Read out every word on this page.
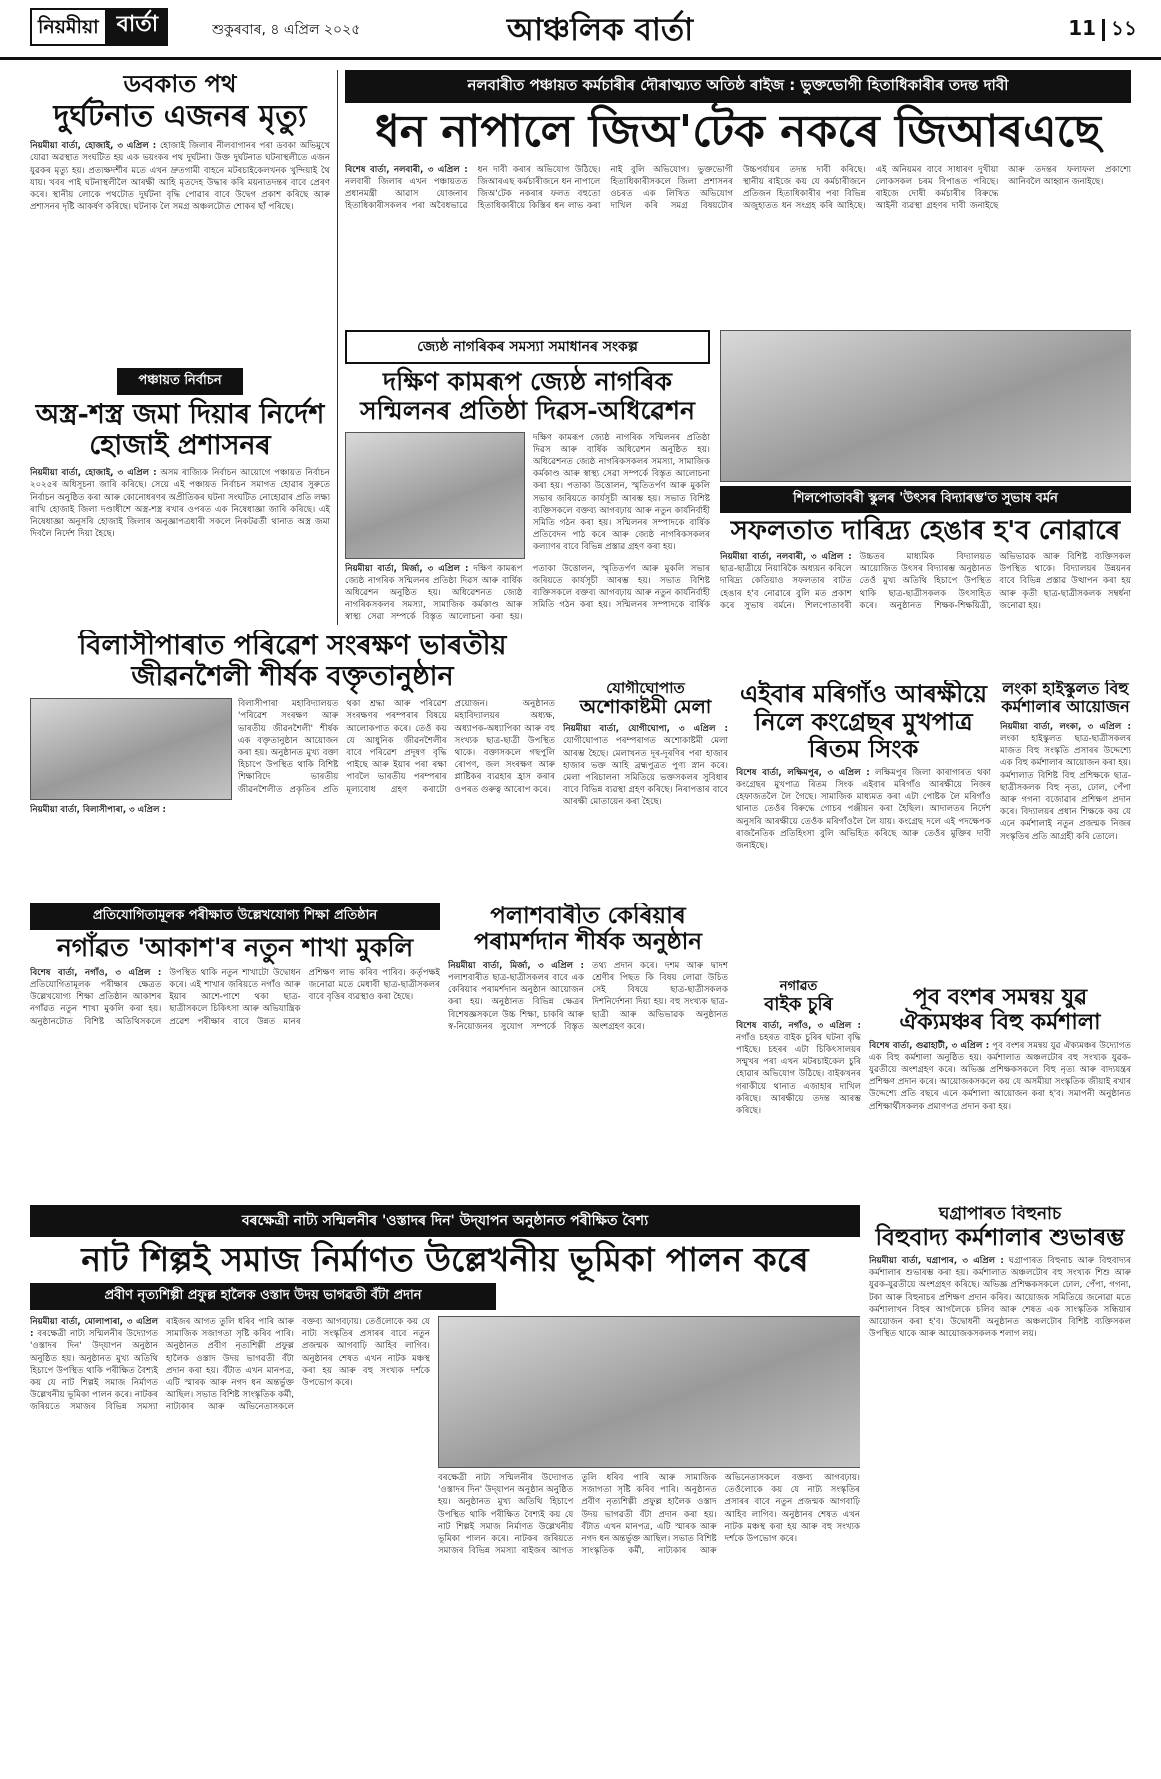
নিয়মীয়া বার্তা	শুকুৰবাৰ, ৪ এপ্ৰিল ২০২৫	আঞ্চলিক বাৰ্তা	11 ১১
ডবকাত পথ
দুৰ্ঘটনাত এজনৰ মৃত্যু
নিয়মীয়া বাৰ্তা, হোজাই, ৩ এপ্ৰিল : হোজাই জিলাৰ নীলবাগানৰ পৰা ডবকা অভিমুখে যোৱা অৱস্থাত সংঘটিত হয় এক ভয়ংকৰ পথ দুৰ্ঘটনা। উক্ত দুৰ্ঘটনাত ঘটনাস্থলীতে এজন যুৱকৰ মৃত্যু হয়। প্ৰত্যক্ষদৰ্শীৰ মতে এখন দ্ৰুতগামী বাহনে মটৰচাইকেলখনক খুন্দিয়াই থৈ যায়। খবৰ পাই ঘটনাস্থলীলৈ আৰক্ষী আহি মৃতদেহ উদ্ধাৰ কৰি ময়নাতদন্তৰ বাবে প্ৰেৰণ কৰে। স্থানীয় লোকে পথটোত দুৰ্ঘটনা বৃদ্ধি পোৱাৰ বাবে উদ্বেগ প্ৰকাশ কৰিছে আৰু প্ৰশাসনৰ দৃষ্টি আকৰ্ষণ কৰিছে। ঘটনাক লৈ সমগ্ৰ অঞ্চলটোত শোকৰ ছাঁ পৰিছে।
পঞ্চায়ত নিৰ্বাচন
অস্ত্ৰ-শস্ত্ৰ জমা দিয়াৰ নিৰ্দেশ হোজাই প্ৰশাসনৰ
নিয়মীয়া বাৰ্তা, হোজাই, ৩ এপ্ৰিল : অসম ৰাজ্যিক নিৰ্বাচন আয়োগে পঞ্চায়ত নিৰ্বাচন ২০২৫ৰ অধিসূচনা জাৰি কৰিছে। সেয়ে এই পঞ্চায়ত নিৰ্বাচন সমাগত হোৱাৰ সুৰুতে নিৰ্বাচন অনুষ্ঠিত কৰা আৰু কোনোধৰণৰ অপ্ৰীতিকৰ ঘটনা সংঘটিত নোহোৱাৰ প্ৰতি লক্ষ্য ৰাখি হোজাই জিলা দণ্ডাধীশে অস্ত্ৰ-শস্ত্ৰ ৰখাৰ ওপৰত এক নিষেধাজ্ঞা জাৰি কৰিছে। এই নিষেধাজ্ঞা অনুসৰি হোজাই জিলাৰ অনুজ্ঞাপত্ৰধাৰী সকলে নিকটৱৰ্তী থানাত অস্ত্ৰ জমা দিবলৈ নিৰ্দেশ দিয়া হৈছে।
নলবাৰীত পঞ্চায়ত কৰ্মচাৰীৰ দৌৰাত্ম্যত অতিষ্ঠ ৰাইজ : ভুক্তভোগী হিতাধিকাৰীৰ তদন্ত দাবী
ধন নাপালে জিঅ'টেক নকৰে জিআৰএছে
বিশেষ বাৰ্তা, নলবাৰী, ৩ এপ্ৰিল : নলবাৰী জিলাৰ এখন পঞ্চায়তত প্ৰধানমন্ত্ৰী আৱাস যোজনাৰ হিতাধিকাৰীসকলৰ পৰা অবৈধভাৱে ধন দাবী কৰাৰ অভিযোগ উঠিছে। জিআৰএছ কৰ্মচাৰীজনে ধন নাপালে জিঅ'টেক নকৰাৰ ফলত বহুতো হিতাধিকাৰীয়ে কিস্তিৰ ধন লাভ কৰা নাই বুলি অভিযোগ। ভুক্তভোগী হিতাধিকাৰীসকলে জিলা প্ৰশাসনৰ ওচৰত এক লিখিত অভিযোগ দাখিল কৰি সমগ্ৰ বিষয়টোৰ উচ্চপৰ্যায়ৰ তদন্ত দাবী কৰিছে। স্থানীয় ৰাইজে কয় যে কৰ্মচাৰীজনে প্ৰতিজন হিতাধিকাৰীৰ পৰা বিভিন্ন অজুহাতত ধন সংগ্ৰহ কৰি আহিছে। এই অনিয়মৰ বাবে সাধাৰণ দুখীয়া লোকসকল চৰম বিপাঙত পৰিছে। ৰাইজে দোষী কৰ্মচাৰীৰ বিৰুদ্ধে আইনী ব্যৱস্থা গ্ৰহণৰ দাবী জনাইছে আৰু তদন্তৰ ফলাফল প্ৰকাশ্যে আনিবলৈ আহ্বান জনাইছে।
জ্যেষ্ঠ নাগৰিকৰ সমস্যা সমাধানৰ সংকল্প
দক্ষিণ কামৰূপ জ্যেষ্ঠ নাগৰিক সন্মিলনৰ প্ৰতিষ্ঠা দিৱস-অধিৱেশন
দক্ষিণ কামৰূপ জ্যেষ্ঠ নাগৰিক সন্মিলনৰ প্ৰতিষ্ঠা দিৱস আৰু বাৰ্ষিক অধিৱেশন অনুষ্ঠিত হয়। অধিৱেশনত জ্যেষ্ঠ নাগৰিকসকলৰ সমস্যা, সামাজিক কৰ্মকাণ্ড আৰু স্বাস্থ্য সেৱা সম্পৰ্কে বিস্তৃত আলোচনা কৰা হয়। পতাকা উত্তোলন, স্মৃতিতৰ্পণ আৰু মুকলি সভাৰ জৰিয়তে কাৰ্যসূচী আৰম্ভ হয়। সভাত বিশিষ্ট ব্যক্তিসকলে বক্তব্য আগবঢ়ায় আৰু নতুন কাৰ্যনিৰ্বাহী সমিতি গঠন কৰা হয়। সন্মিলনৰ সম্পাদকে বাৰ্ষিক প্ৰতিবেদন পাঠ কৰে আৰু জ্যেষ্ঠ নাগৰিকসকলৰ কল্যাণৰ বাবে বিভিন্ন প্ৰস্তাৱ গ্ৰহণ কৰা হয়।
নিয়মীয়া বাৰ্তা, মিৰ্জা, ৩ এপ্ৰিল : দক্ষিণ কামৰূপ জ্যেষ্ঠ নাগৰিক সন্মিলনৰ প্ৰতিষ্ঠা দিৱস আৰু বাৰ্ষিক অধিৱেশন অনুষ্ঠিত হয়। অধিৱেশনত জ্যেষ্ঠ নাগৰিকসকলৰ সমস্যা, সামাজিক কৰ্মকাণ্ড আৰু স্বাস্থ্য সেৱা সম্পৰ্কে বিস্তৃত আলোচনা কৰা হয়। পতাকা উত্তোলন, স্মৃতিতৰ্পণ আৰু মুকলি সভাৰ জৰিয়তে কাৰ্যসূচী আৰম্ভ হয়। সভাত বিশিষ্ট ব্যক্তিসকলে বক্তব্য আগবঢ়ায় আৰু নতুন কাৰ্যনিৰ্বাহী সমিতি গঠন কৰা হয়। সন্মিলনৰ সম্পাদকে বাৰ্ষিক
শিলপোতাবৰী স্কুলৰ 'উৎসৰ বিদ্যাৰম্ভ'ত সুভাষ বৰ্মন
সফলতাত দাৰিদ্ৰ্য হেঙাৰ হ'ব নোৱাৰে
নিয়মীয়া বাৰ্তা, নলবাৰী, ৩ এপ্ৰিল : ছাত্ৰ-ছাত্ৰীয়ে নিয়াৰিকৈ অধ্যয়ন কৰিলে দাৰিদ্ৰ্য কেতিয়াও সফলতাৰ বাটত হেঙাৰ হ'ব নোৱাৰে বুলি মত প্ৰকাশ কৰে সুভাষ বৰ্মনে। শিলপোতাবৰী উচ্চতৰ মাধ্যমিক বিদ্যালয়ত আয়োজিত উৎসৰ বিদ্যাৰম্ভ অনুষ্ঠানত তেওঁ মুখ্য অতিথি হিচাপে উপস্থিত থাকি ছাত্ৰ-ছাত্ৰীসকলক উৎসাহিত কৰে। অনুষ্ঠানত শিক্ষক-শিক্ষয়িত্ৰী, অভিভাৱক আৰু বিশিষ্ট ব্যক্তিসকল উপস্থিত থাকে। বিদ্যালয়ৰ উন্নয়নৰ বাবে বিভিন্ন প্ৰস্তাৱ উত্থাপন কৰা হয় আৰু কৃতী ছাত্ৰ-ছাত্ৰীসকলক সম্বৰ্ধনা জনোৱা হয়।
বিলাসীপাৰাত পৰিৱেশ সংৰক্ষণ ভাৰতীয় জীৱনশৈলী শীৰ্ষক বক্তৃতানুষ্ঠান
নিয়মীয়া বাৰ্তা, বিলাসীপাৰা, ৩ এপ্ৰিল :
বিলাসীপাৰা মহাবিদ্যালয়ত 'পৰিৱেশ সংৰক্ষণ আৰু ভাৰতীয় জীৱনশৈলী' শীৰ্ষক এক বক্তৃতানুষ্ঠান আয়োজন কৰা হয়। অনুষ্ঠানত মুখ্য বক্তা হিচাপে উপস্থিত থাকি বিশিষ্ট শিক্ষাবিদে ভাৰতীয় জীৱনশৈলীত প্ৰকৃতিৰ প্ৰতি থকা শ্ৰদ্ধা আৰু পৰিৱেশ সংৰক্ষণৰ পৰম্পৰাৰ বিষয়ে আলোকপাত কৰে। তেওঁ কয় যে আধুনিক জীৱনশৈলীৰ বাবে পৰিৱেশ প্ৰদূষণ বৃদ্ধি পাইছে আৰু ইয়াৰ পৰা ৰক্ষা পাবলৈ ভাৰতীয় পৰম্পৰাৰ মূল্যবোধ গ্ৰহণ কৰাটো প্ৰয়োজন। অনুষ্ঠানত মহাবিদ্যালয়ৰ অধ্যক্ষ, অধ্যাপক-অধ্যাপিকা আৰু বহু সংখ্যক ছাত্ৰ-ছাত্ৰী উপস্থিত থাকে। বক্তাসকলে গছপুলি ৰোপণ, জল সংৰক্ষণ আৰু প্লাষ্টিকৰ ব্যৱহাৰ হ্ৰাস কৰাৰ ওপৰত গুৰুত্ব আৰোপ কৰে।
যোগীঘোপাত
অশোকাষ্টমী মেলা
নিয়মীয়া বাৰ্তা, যোগীঘোপা, ৩ এপ্ৰিল : যোগীঘোপাত পৰম্পৰাগত অশোকাষ্টমী মেলা আৰম্ভ হৈছে। মেলাখনত দূৰ-দূৰণিৰ পৰা হাজাৰ হাজাৰ ভক্ত আহি ব্ৰহ্মপুত্ৰত পুণ্য স্নান কৰে। মেলা পৰিচালনা সমিতিয়ে ভক্তসকলৰ সুবিধাৰ বাবে বিভিন্ন ব্যৱস্থা গ্ৰহণ কৰিছে। নিৰাপত্তাৰ বাবে আৰক্ষী মোতায়েন কৰা হৈছে।
এইবাৰ মৰিগাঁও আৰক্ষীয়ে নিলে কংগ্ৰেছৰ মুখপাত্ৰ ৰিতম সিংক
বিশেষ বাৰ্তা, লক্ষিমপুৰ, ৩ এপ্ৰিল : লক্ষিমপুৰ জিলা কাৰাগাৰত থকা কংগ্ৰেছৰ মুখপাত্ৰ ৰিতম সিংক এইবাৰ মৰিগাঁও আৰক্ষীয়ে নিজৰ হেফাজতলৈ লৈ গৈছে। সামাজিক মাধ্যমত কৰা এটা পোষ্টক লৈ মৰিগাঁও থানাত তেওঁৰ বিৰুদ্ধে গোচৰ পঞ্জীয়ন কৰা হৈছিল। আদালতৰ নিৰ্দেশ অনুসৰি আৰক্ষীয়ে তেওঁক মৰিগাঁওলৈ লৈ যায়। কংগ্ৰেছ দলে এই পদক্ষেপক ৰাজনৈতিক প্ৰতিহিংসা বুলি অভিহিত কৰিছে আৰু তেওঁৰ মুক্তিৰ দাবী জনাইছে।
লংকা হাইস্কুলত বিহু কৰ্মশালাৰ আয়োজন
নিয়মীয়া বাৰ্তা, লংকা, ৩ এপ্ৰিল : লংকা হাইস্কুলত ছাত্ৰ-ছাত্ৰীসকলৰ মাজত বিহু সংস্কৃতি প্ৰসাৰৰ উদ্দেশ্যে এক বিহু কৰ্মশালাৰ আয়োজন কৰা হয়। কৰ্মশালাত বিশিষ্ট বিহু প্ৰশিক্ষকে ছাত্ৰ-ছাত্ৰীসকলক বিহু নৃত্য, ঢোল, পেঁপা আৰু গগনা বজোৱাৰ প্ৰশিক্ষণ প্ৰদান কৰে। বিদ্যালয়ৰ প্ৰধান শিক্ষকে কয় যে এনে কৰ্মশালাই নতুন প্ৰজন্মক নিজৰ সংস্কৃতিৰ প্ৰতি আগ্ৰহী কৰি তোলে।
প্ৰতিযোগিতামূলক পৰীক্ষাত উল্লেখযোগ্য শিক্ষা প্ৰতিষ্ঠান
নগাঁৱত 'আকাশ'ৰ নতুন শাখা মুকলি
বিশেষ বাৰ্তা, নগাঁও, ৩ এপ্ৰিল : প্ৰতিযোগিতামূলক পৰীক্ষাৰ ক্ষেত্ৰত উল্লেখযোগ্য শিক্ষা প্ৰতিষ্ঠান আকাশৰ নগাঁৱত নতুন শাখা মুকলি কৰা হয়। অনুষ্ঠানটোত বিশিষ্ট অতিথিসকলে উপস্থিত থাকি নতুন শাখাটো উদ্বোধন কৰে। এই শাখাৰ জৰিয়তে নগাঁও আৰু ইয়াৰ আশে-পাশে থকা ছাত্ৰ-ছাত্ৰীসকলে চিকিৎসা আৰু অভিযান্ত্ৰিক প্ৰৱেশ পৰীক্ষাৰ বাবে উন্নত মানৰ প্ৰশিক্ষণ লাভ কৰিব পাৰিব। কৰ্তৃপক্ষই জনোৱা মতে মেধাবী ছাত্ৰ-ছাত্ৰীসকলৰ বাবে বৃত্তিৰ ব্যৱস্থাও কৰা হৈছে।
পলাশবাৰীত কেৰিয়াৰ পৰামৰ্শদান শীৰ্ষক অনুষ্ঠান
নিয়মীয়া বাৰ্তা, মিৰ্জা, ৩ এপ্ৰিল : পলাশবাৰীত ছাত্ৰ-ছাত্ৰীসকলৰ বাবে এক কেৰিয়াৰ পৰামৰ্শদান অনুষ্ঠান আয়োজন কৰা হয়। অনুষ্ঠানত বিভিন্ন ক্ষেত্ৰৰ বিশেষজ্ঞসকলে উচ্চ শিক্ষা, চাকৰি আৰু স্ব-নিয়োজনৰ সুযোগ সম্পৰ্কে বিস্তৃত তথ্য প্ৰদান কৰে। দশম আৰু দ্বাদশ শ্ৰেণীৰ পিছত কি বিষয় লোৱা উচিত সেই বিষয়ে ছাত্ৰ-ছাত্ৰীসকলক দিশনিৰ্দেশনা দিয়া হয়। বহু সংখ্যক ছাত্ৰ-ছাত্ৰী আৰু অভিভাৱক অনুষ্ঠানত অংশগ্ৰহণ কৰে।
নগাঁৱত
বাইক চুৰি
বিশেষ বাৰ্তা, নগাঁও, ৩ এপ্ৰিল : নগাঁও চহৰত বাইক চুৰিৰ ঘটনা বৃদ্ধি পাইছে। চহৰৰ এটা চিকিৎসালয়ৰ সন্মুখৰ পৰা এখন মটৰচাইকেল চুৰি হোৱাৰ অভিযোগ উঠিছে। বাইকখনৰ গৰাকীয়ে থানাত এজাহাৰ দাখিল কৰিছে। আৰক্ষীয়ে তদন্ত আৰম্ভ কৰিছে।
পূব বংশৰ সমন্বয় যুৱ ঐক্যমঞ্চৰ বিহু কৰ্মশালা
বিশেষ বাৰ্তা, গুৱাহাটী, ৩ এপ্ৰিল : পূব বংশৰ সমন্বয় যুৱ ঐক্যমঞ্চৰ উদ্যোগত এক বিহু কৰ্মশালা অনুষ্ঠিত হয়। কৰ্মশালাত অঞ্চলটোৰ বহু সংখ্যক যুৱক-যুৱতীয়ে অংশগ্ৰহণ কৰে। অভিজ্ঞ প্ৰশিক্ষকসকলে বিহু নৃত্য আৰু বাদ্যযন্ত্ৰৰ প্ৰশিক্ষণ প্ৰদান কৰে। আয়োজকসকলে কয় যে অসমীয়া সংস্কৃতিক জীয়াই ৰখাৰ উদ্দেশ্যে প্ৰতি বছৰে এনে কৰ্মশালা আয়োজন কৰা হ'ব। সমাপনী অনুষ্ঠানত প্ৰশিক্ষাৰ্থীসকলক প্ৰমাণপত্ৰ প্ৰদান কৰা হয়।
বৰক্ষেত্ৰী নাট্য সন্মিলনীৰ 'ওস্তাদৰ দিন' উদ্‌যাপন অনুষ্ঠানত পৰীক্ষিত বৈশ্য
নাট শিল্পই সমাজ নিৰ্মাণত উল্লেখনীয় ভূমিকা পালন কৰে
প্ৰবীণ নৃত্যশিল্পী প্ৰফুল্ল হালৈক ওস্তাদ উদয় ভাগৱতী বঁটা প্ৰদান
নিয়মীয়া বাৰ্তা, মোলাপাৰা, ৩ এপ্ৰিল : বৰক্ষেত্ৰী নাট্য সন্মিলনীৰ উদ্যোগত 'ওস্তাদৰ দিন' উদ্‌যাপন অনুষ্ঠান অনুষ্ঠিত হয়। অনুষ্ঠানত মুখ্য অতিথি হিচাপে উপস্থিত থাকি পৰীক্ষিত বৈশ্যই কয় যে নাট শিল্পই সমাজ নিৰ্মাণত উল্লেখনীয় ভূমিকা পালন কৰে। নাটকৰ জৰিয়তে সমাজৰ বিভিন্ন সমস্যা ৰাইজৰ আগত তুলি ধৰিব পাৰি আৰু সামাজিক সজাগতা সৃষ্টি কৰিব পাৰি। অনুষ্ঠানত প্ৰবীণ নৃত্যশিল্পী প্ৰফুল্ল হালৈক ওস্তাদ উদয় ভাগৱতী বঁটা প্ৰদান কৰা হয়। বঁটাত এখন মানপত্ৰ, এটি স্মাৰক আৰু নগদ ধন অন্তৰ্ভুক্ত আছিল। সভাত বিশিষ্ট সাংস্কৃতিক কৰ্মী, নাট্যকাৰ আৰু অভিনেতাসকলে বক্তব্য আগবঢ়ায়। তেওঁলোকে কয় যে নাট্য সংস্কৃতিৰ প্ৰসাৰৰ বাবে নতুন প্ৰজন্মক আগবাঢ়ি আহিব লাগিব। অনুষ্ঠানৰ শেষত এখন নাটক মঞ্চস্থ কৰা হয় আৰু বহু সংখ্যক দৰ্শকে উপভোগ কৰে।
বৰক্ষেত্ৰী নাট্য সন্মিলনীৰ উদ্যোগত 'ওস্তাদৰ দিন' উদ্‌যাপন অনুষ্ঠান অনুষ্ঠিত হয়। অনুষ্ঠানত মুখ্য অতিথি হিচাপে উপস্থিত থাকি পৰীক্ষিত বৈশ্যই কয় যে নাট শিল্পই সমাজ নিৰ্মাণত উল্লেখনীয় ভূমিকা পালন কৰে। নাটকৰ জৰিয়তে সমাজৰ বিভিন্ন সমস্যা ৰাইজৰ আগত তুলি ধৰিব পাৰি আৰু সামাজিক সজাগতা সৃষ্টি কৰিব পাৰি। অনুষ্ঠানত প্ৰবীণ নৃত্যশিল্পী প্ৰফুল্ল হালৈক ওস্তাদ উদয় ভাগৱতী বঁটা প্ৰদান কৰা হয়। বঁটাত এখন মানপত্ৰ, এটি স্মাৰক আৰু নগদ ধন অন্তৰ্ভুক্ত আছিল। সভাত বিশিষ্ট সাংস্কৃতিক কৰ্মী, নাট্যকাৰ আৰু অভিনেতাসকলে বক্তব্য আগবঢ়ায়। তেওঁলোকে কয় যে নাট্য সংস্কৃতিৰ প্ৰসাৰৰ বাবে নতুন প্ৰজন্মক আগবাঢ়ি আহিব লাগিব। অনুষ্ঠানৰ শেষত এখন নাটক মঞ্চস্থ কৰা হয় আৰু বহু সংখ্যক দৰ্শকে উপভোগ কৰে।
ঘগ্ৰাপাৰত বিহুনাচ
বিহুবাদ্য কৰ্মশালাৰ শুভাৰম্ভ
নিয়মীয়া বাৰ্তা, ঘগ্ৰাপাৰ, ৩ এপ্ৰিল : ঘগ্ৰাপাৰত বিহুনাচ আৰু বিহুবাদ্যৰ কৰ্মশালাৰ শুভাৰম্ভ কৰা হয়। কৰ্মশালাত অঞ্চলটোৰ বহু সংখ্যক শিশু আৰু যুৱক-যুৱতীয়ে অংশগ্ৰহণ কৰিছে। অভিজ্ঞ প্ৰশিক্ষকসকলে ঢোল, পেঁপা, গগনা, টকা আৰু বিহুনাচৰ প্ৰশিক্ষণ প্ৰদান কৰিব। আয়োজক সমিতিয়ে জনোৱা মতে কৰ্মশালাখন বিহুৰ আগলৈকে চলিব আৰু শেষত এক সাংস্কৃতিক সন্ধিয়াৰ আয়োজন কৰা হ'ব। উদ্বোধনী অনুষ্ঠানত অঞ্চলটোৰ বিশিষ্ট ব্যক্তিসকল উপস্থিত থাকে আৰু আয়োজকসকলক শলাগ লয়।
